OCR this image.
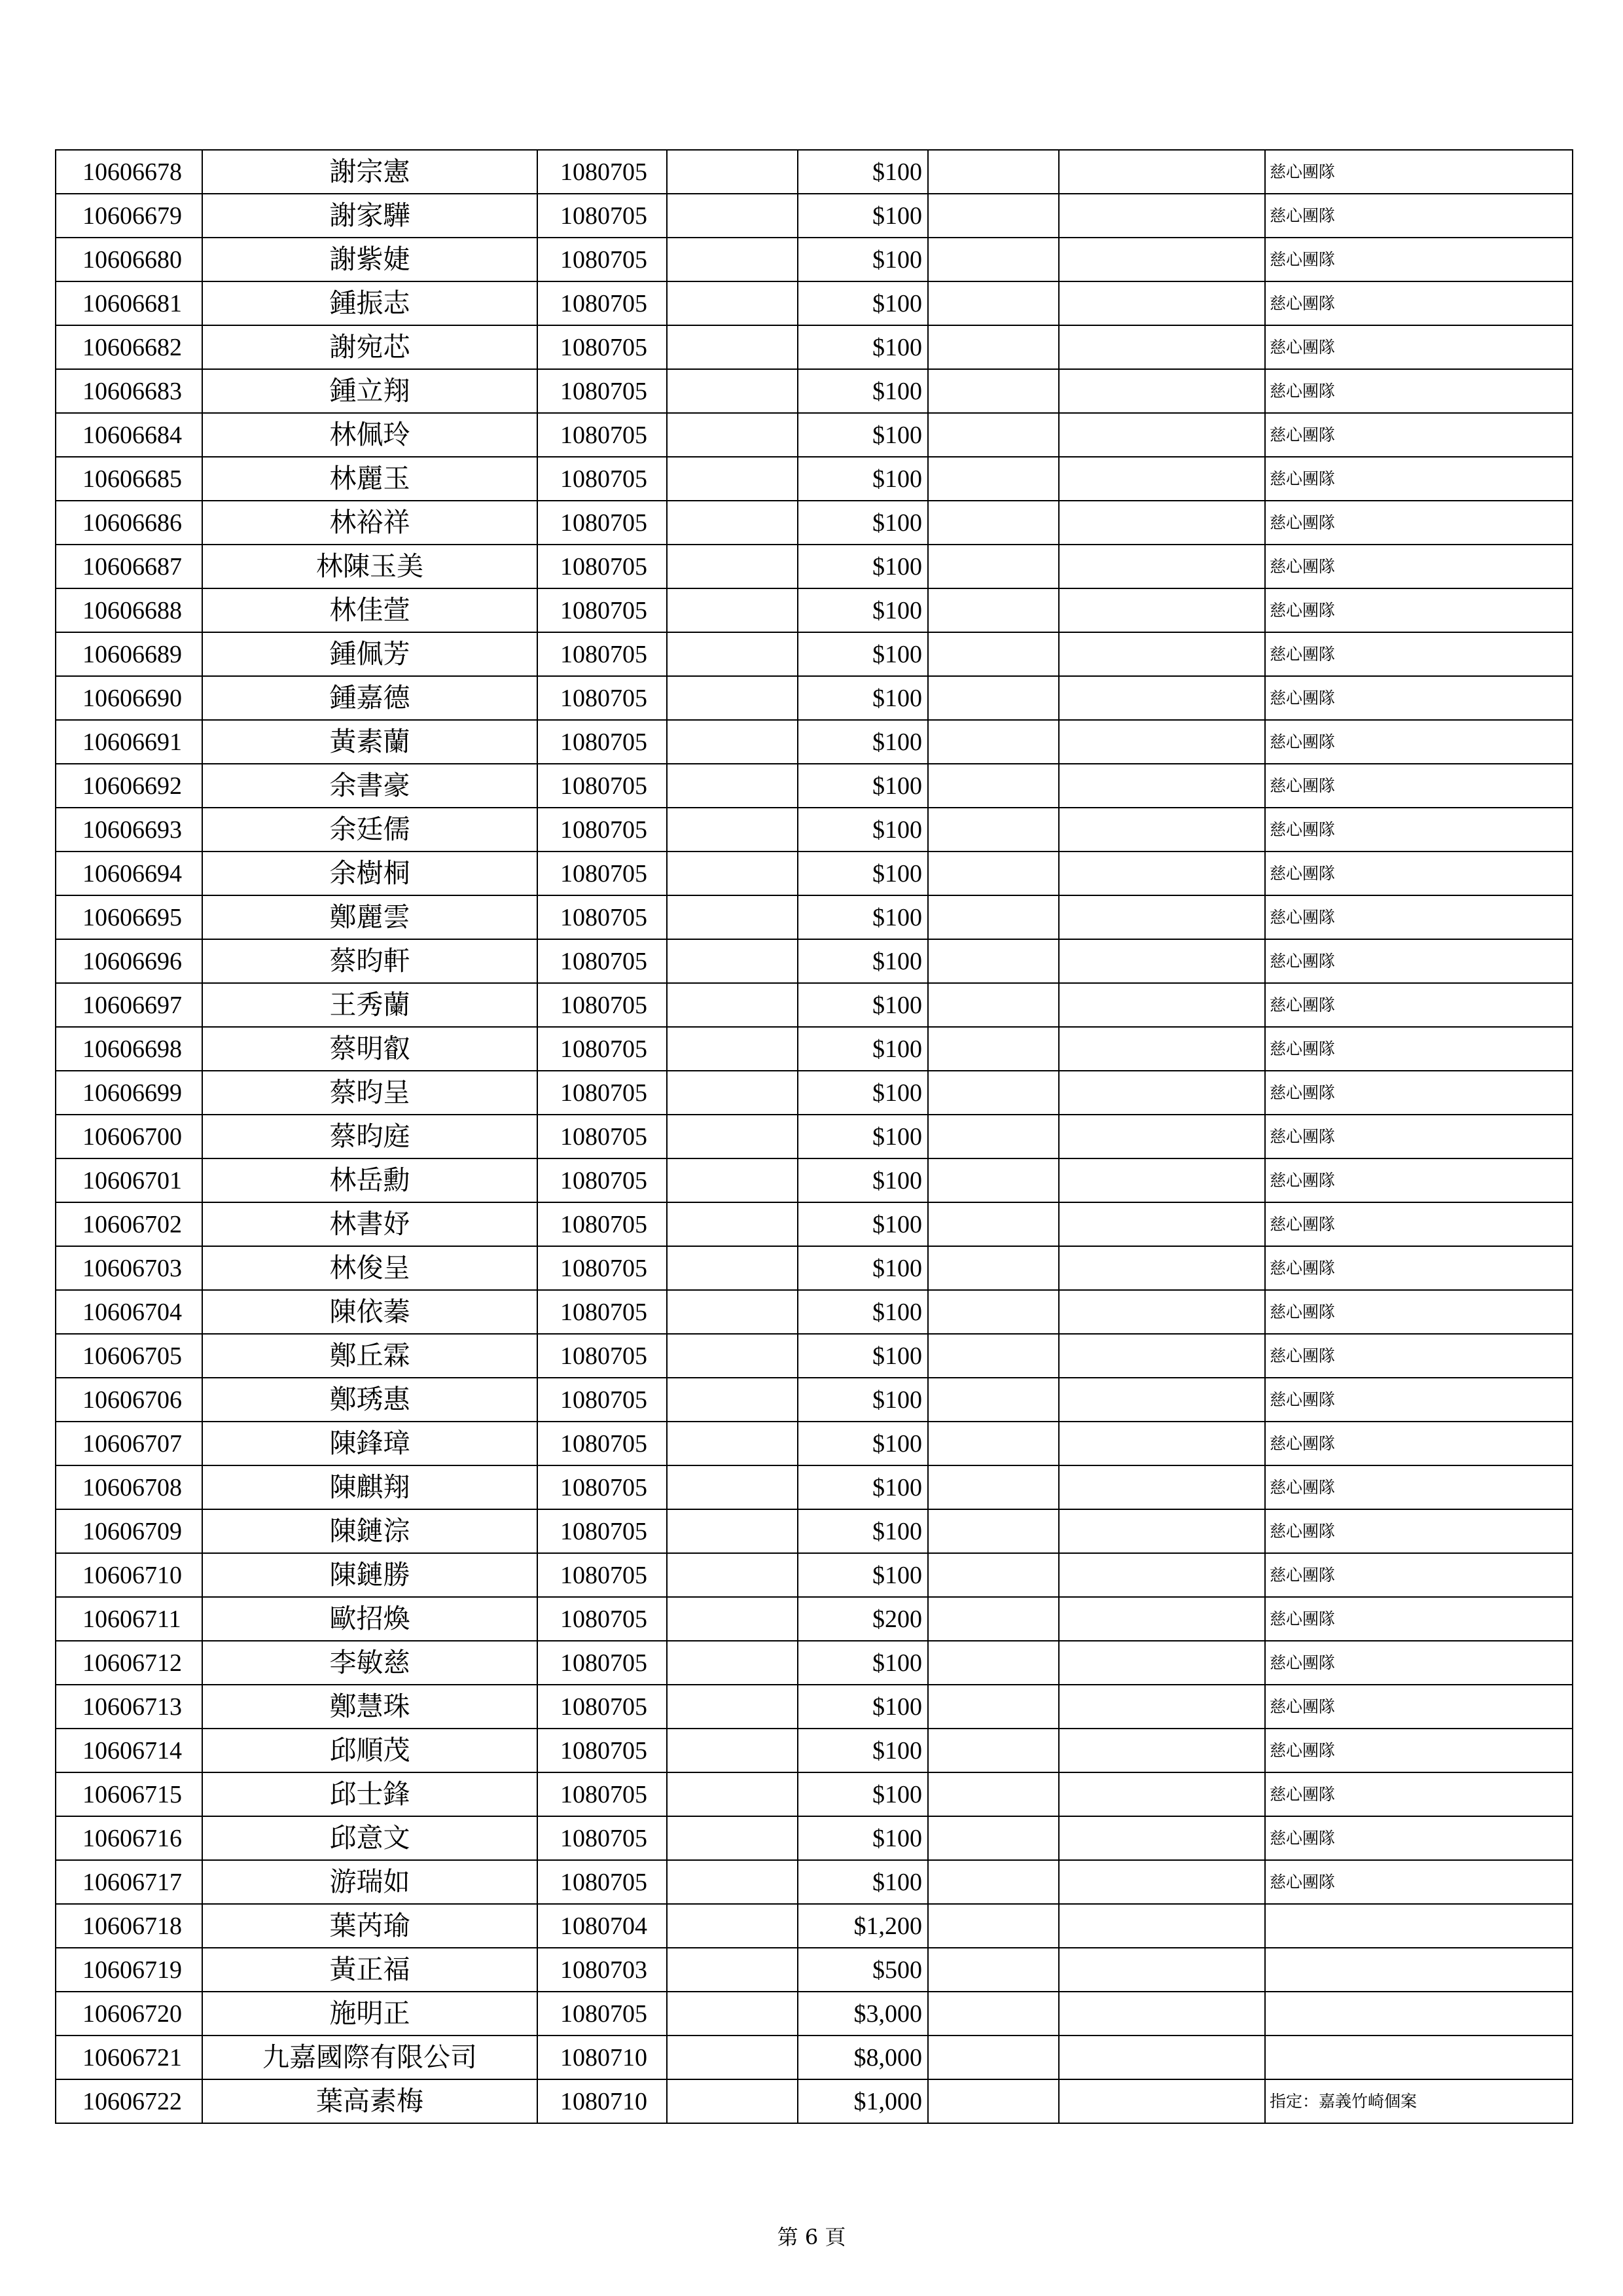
10606678	謝宗憲	1080705		$100			慈心團隊
10606679	謝家驊	1080705		$100			慈心團隊
10606680	謝紫婕	1080705		$100			慈心團隊
10606681	鍾振志	1080705		$100			慈心團隊
10606682	謝宛芯	1080705		$100			慈心團隊
10606683	鍾立翔	1080705		$100			慈心團隊
10606684	林佩玲	1080705		$100			慈心團隊
10606685	林麗玉	1080705		$100			慈心團隊
10606686	林裕祥	1080705		$100			慈心團隊
10606687	林陳玉美	1080705		$100			慈心團隊
10606688	林佳萱	1080705		$100			慈心團隊
10606689	鍾佩芳	1080705		$100			慈心團隊
10606690	鍾嘉德	1080705		$100			慈心團隊
10606691	黃素蘭	1080705		$100			慈心團隊
10606692	余書豪	1080705		$100			慈心團隊
10606693	余廷儒	1080705		$100			慈心團隊
10606694	余樹桐	1080705		$100			慈心團隊
10606695	鄭麗雲	1080705		$100			慈心團隊
10606696	蔡昀軒	1080705		$100			慈心團隊
10606697	王秀蘭	1080705		$100			慈心團隊
10606698	蔡明叡	1080705		$100			慈心團隊
10606699	蔡昀呈	1080705		$100			慈心團隊
10606700	蔡昀庭	1080705		$100			慈心團隊
10606701	林岳勳	1080705		$100			慈心團隊
10606702	林書妤	1080705		$100			慈心團隊
10606703	林俊呈	1080705		$100			慈心團隊
10606704	陳依蓁	1080705		$100			慈心團隊
10606705	鄭丘霖	1080705		$100			慈心團隊
10606706	鄭琇惠	1080705		$100			慈心團隊
10606707	陳鋒璋	1080705		$100			慈心團隊
10606708	陳麒翔	1080705		$100			慈心團隊
10606709	陳鏈淙	1080705		$100			慈心團隊
10606710	陳鏈勝	1080705		$100			慈心團隊
10606711	歐招煥	1080705		$200			慈心團隊
10606712	李敏慈	1080705		$100			慈心團隊
10606713	鄭慧珠	1080705		$100			慈心團隊
10606714	邱順茂	1080705		$100			慈心團隊
10606715	邱士鋒	1080705		$100			慈心團隊
10606716	邱意文	1080705		$100			慈心團隊
10606717	游瑞如	1080705		$100			慈心團隊
10606718	葉芮瑜	1080704		$1,200			
10606719	黃正福	1080703		$500			
10606720	施明正	1080705		$3,000			
10606721	九嘉國際有限公司	1080710		$8,000			
10606722	葉高素梅	1080710		$1,000			指定：嘉義竹崎個案
第 6 頁
